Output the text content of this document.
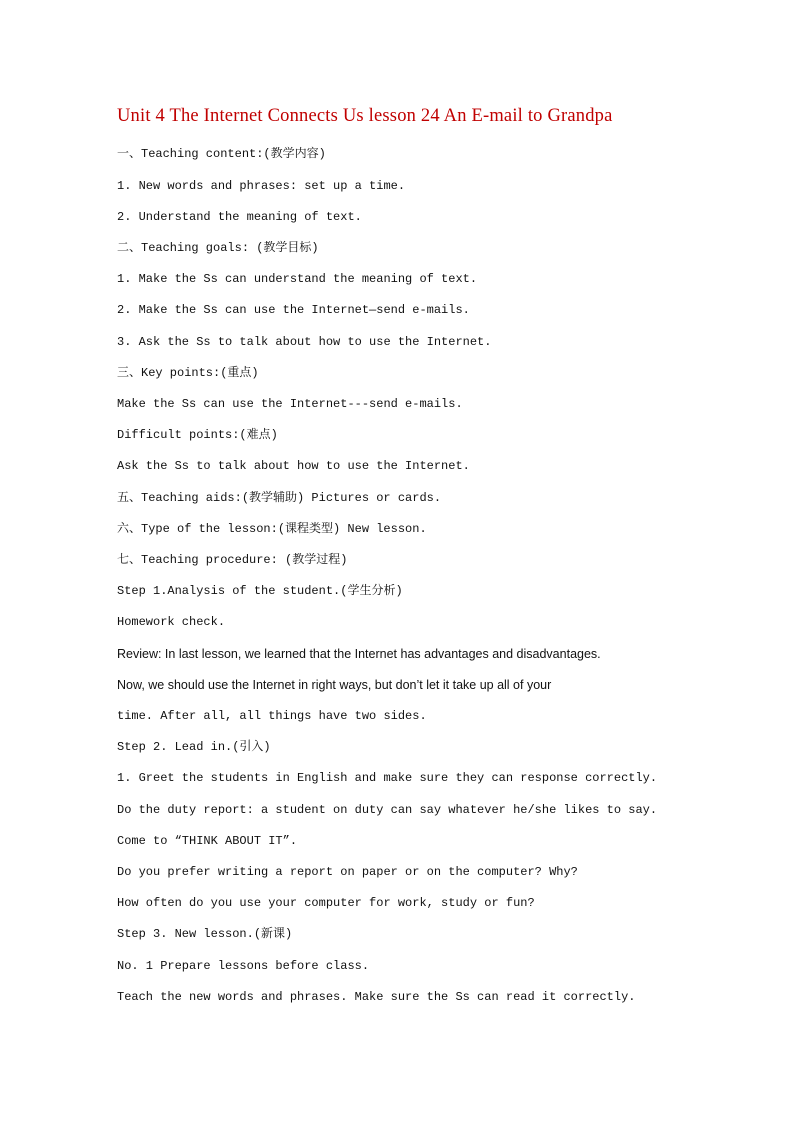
Unit 4 The Internet Connects Us lesson 24 An E-mail to Grandpa
一、Teaching content:(教学内容)
1. New words and phrases: set up a time.
2. Understand the meaning of text.
二、Teaching goals: (教学目标)
1. Make the Ss can understand the meaning of text.
2. Make the Ss can use the Internet—send e-mails.
3. Ask the Ss to talk about how to use the Internet.
三、Key points:(重点)
Make the Ss can use the Internet---send e-mails.
Difficult points:(难点)
Ask the Ss to talk about how to use the Internet.
五、Teaching aids:(教学辅助) Pictures or cards.
六、Type of the lesson:(课程类型) New lesson.
七、Teaching procedure: (教学过程)
Step 1.Analysis of the student.(学生分析)
Homework check.
Review: In last lesson, we learned that the Internet has advantages and disadvantages.
Now, we should use the Internet in right ways, but don’t let it take up all of your
time. After all, all things have two sides.
Step 2. Lead in.(引入)
1. Greet the students in English and make sure they can response correctly.
Do the duty report: a student on duty can say whatever he/she likes to say.
Come to “THINK ABOUT IT”.
Do you prefer writing a report on paper or on the computer? Why?
How often do you use your computer for work, study or fun?
Step 3. New lesson.(新课)
No. 1 Prepare lessons before class.
Teach the new words and phrases. Make sure the Ss can read it correctly.
